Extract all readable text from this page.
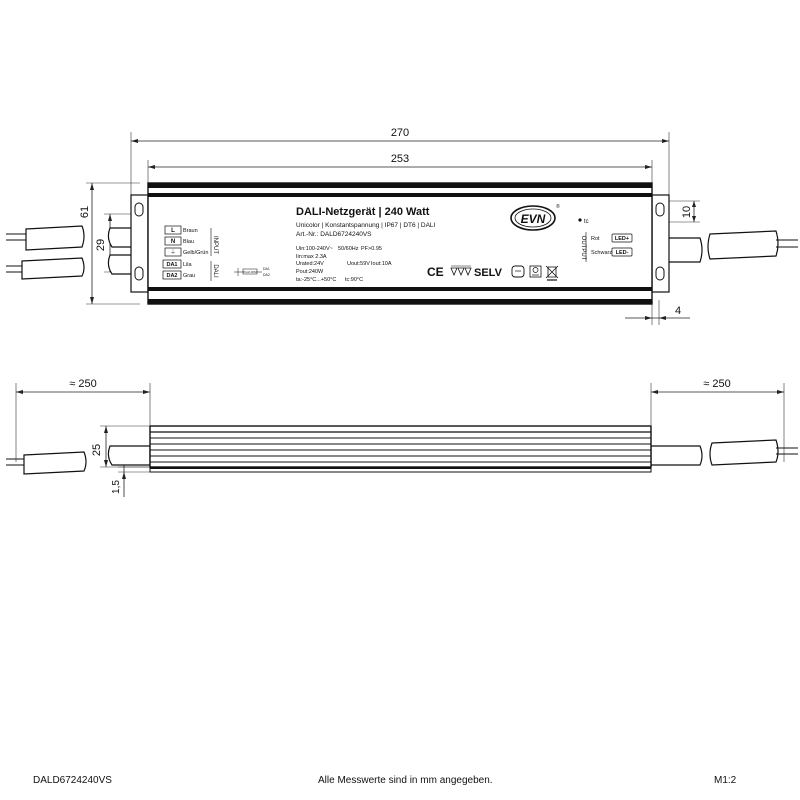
270
253
61
29
10
4
DALI-Netzgerät | 240 Watt
Unicolor | Konstantspannung | IP67 | DT6 | DALI
Art.-Nr.: DALD6724240VS
Uin:100-240V~ 50/60Hz PF>0.95
Iin:max 2.3A
Urated:24V	Uout:59V Iout:10A
Pout:240W
ta:-25°C...+50°C tc:90°C
L Braun
N Blau
⏚ Gelb/Grün INPUT
DA1 Lila
DA2 Grau	DALI	Push DIM
DA1
DA2
EVN
®
tc
OUTPUT Rot	LED+
Schwarz LED-
CE	SELV
≈ 250	≈ 250
25
1,5
DALD6724240VS	Alle Messwerte sind in mm angegeben.	M1:2
